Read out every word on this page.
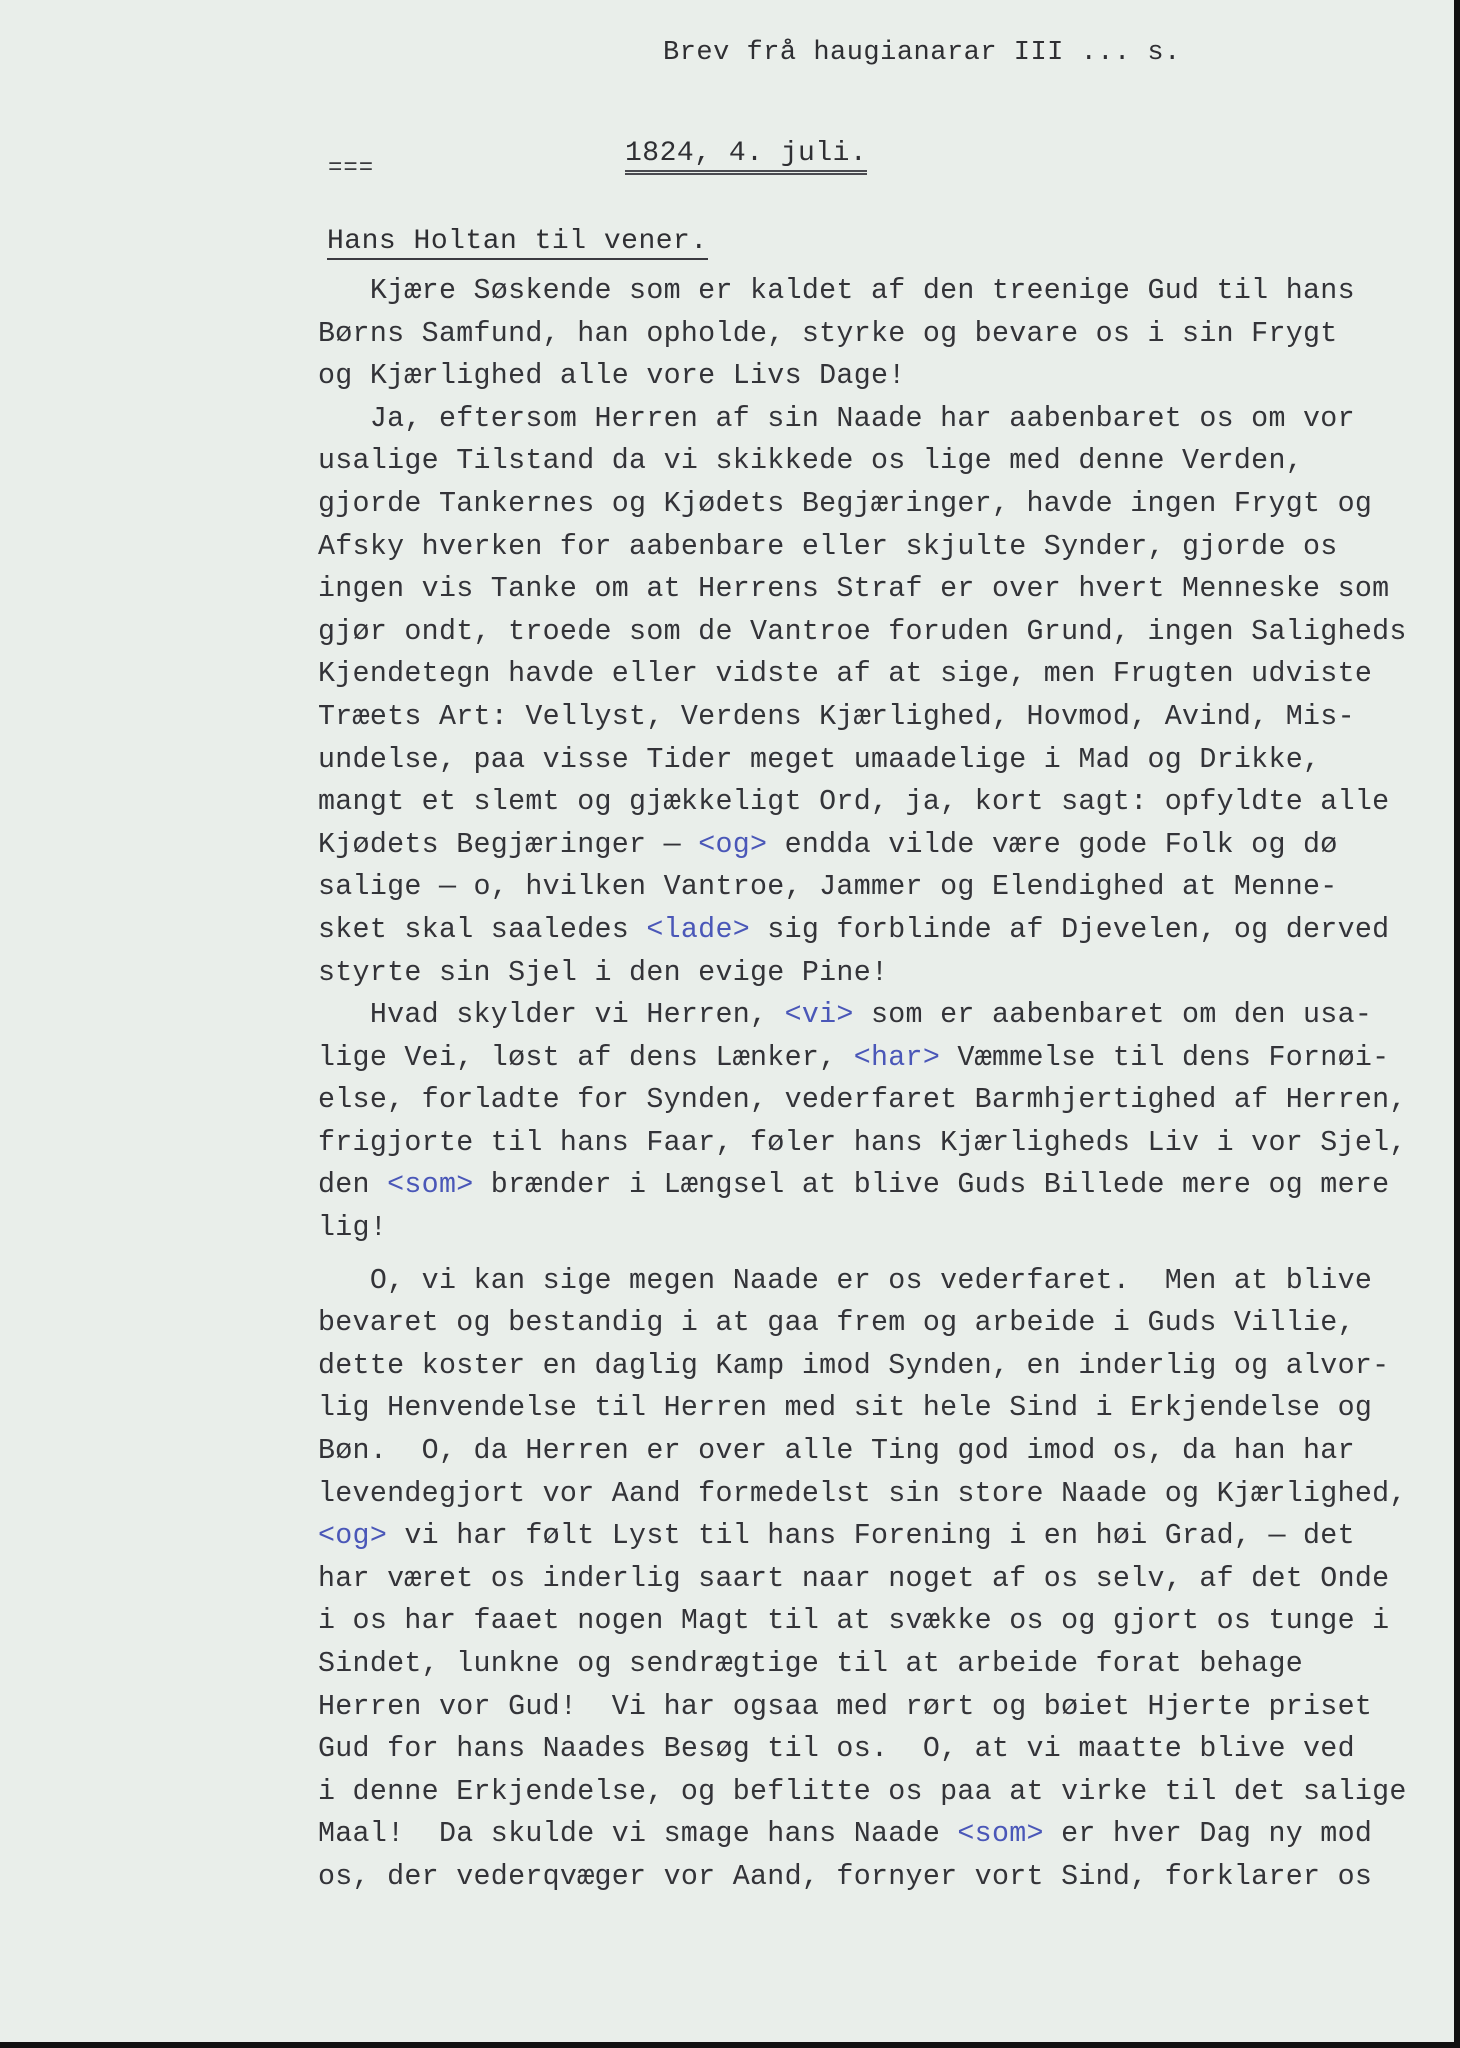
Brev frå haugianarar III ... s.
===	1824, 4. juli.
Hans Holtan til vener.
Kjære Søskende som er kaldet af den treenige Gud til hans
Børns Samfund, han opholde, styrke og bevare os i sin Frygt
og Kjærlighed alle vore Livs Dage!
Ja, eftersom Herren af sin Naade har aabenbaret os om vor
usalige Tilstand da vi skikkede os lige med denne Verden,
gjorde Tankernes og Kjødets Begjæringer, havde ingen Frygt og
Afsky hverken for aabenbare eller skjulte Synder, gjorde os
ingen vis Tanke om at Herrens Straf er over hvert Menneske som
gjør ondt, troede som de Vantroe foruden Grund, ingen Saligheds
Kjendetegn havde eller vidste af at sige, men Frugten udviste
Træets Art: Vellyst, Verdens Kjærlighed, Hovmod, Avind, Mis-
undelse, paa visse Tider meget umaadelige i Mad og Drikke,
mangt et slemt og gjækkeligt Ord, ja, kort sagt: opfyldte alle
Kjødets Begjæringer — <og> endda vilde være gode Folk og dø
salige — o, hvilken Vantroe, Jammer og Elendighed at Menne-
sket skal saaledes <lade> sig forblinde af Djevelen, og derved
styrte sin Sjel i den evige Pine!
Hvad skylder vi Herren, <vi> som er aabenbaret om den usa-
lige Vei, løst af dens Lænker, <har> Væmmelse til dens Fornøi-
else, forladte for Synden, vederfaret Barmhjertighed af Herren,
frigjorte til hans Faar, føler hans Kjærligheds Liv i vor Sjel,
den <som> brænder i Længsel at blive Guds Billede mere og mere
lig!
O, vi kan sige megen Naade er os vederfaret.  Men at blive
bevaret og bestandig i at gaa frem og arbeide i Guds Villie,
dette koster en daglig Kamp imod Synden, en inderlig og alvor-
lig Henvendelse til Herren med sit hele Sind i Erkjendelse og
Bøn.  O, da Herren er over alle Ting god imod os, da han har
levendegjort vor Aand formedelst sin store Naade og Kjærlighed,
<og> vi har følt Lyst til hans Forening i en høi Grad, — det
har været os inderlig saart naar noget af os selv, af det Onde
i os har faaet nogen Magt til at svække os og gjort os tunge i
Sindet, lunkne og sendrægtige til at arbeide forat behage
Herren vor Gud!  Vi har ogsaa med rørt og bøiet Hjerte priset
Gud for hans Naades Besøg til os.  O, at vi maatte blive ved
i denne Erkjendelse, og beflitte os paa at virke til det salige
Maal!  Da skulde vi smage hans Naade <som> er hver Dag ny mod
os, der vederqvæger vor Aand, fornyer vort Sind, forklarer os
